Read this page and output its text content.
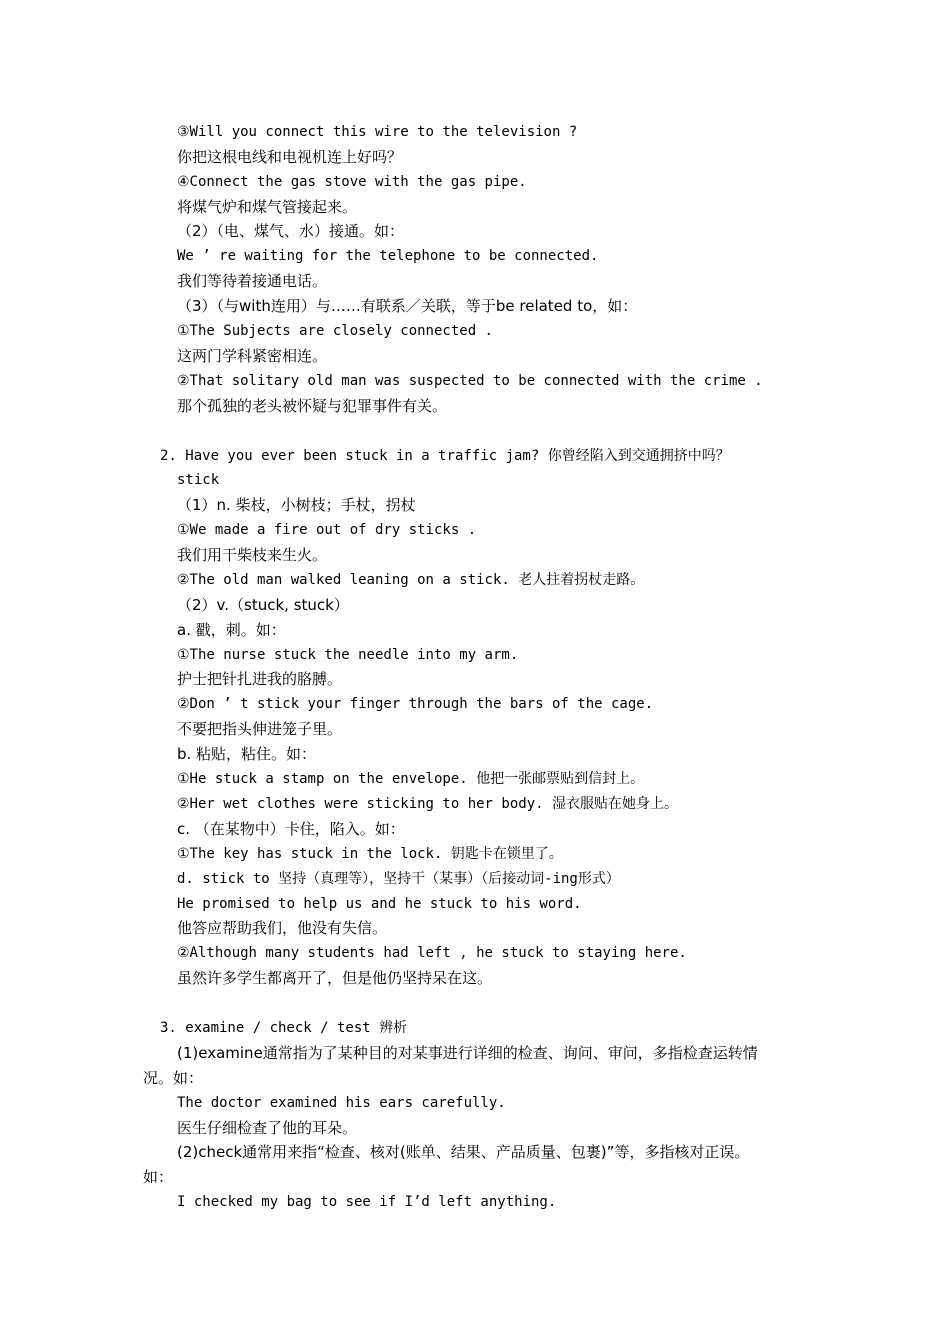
③Will you connect this wire to the television ?
你把这根电线和电视机连上好吗？
④Connect the gas stove with the gas pipe.
将煤气炉和煤气管接起来。
（2）（电、煤气、水）接通。如：
We ’ re waiting for the telephone to be connected.
我们等待着接通电话。
（3）（与with连用）与……有联系／关联，等于be related to，如：
①The Subjects are closely connected .
这两门学科紧密相连。
②That solitary old man was suspected to be connected with the crime .
那个孤独的老头被怀疑与犯罪事件有关。
2. Have you ever been stuck in a traffic jam? 你曾经陷入到交通拥挤中吗？
stick
（1）n. 柴枝，小树枝；手杖，拐杖
①We made a fire out of dry sticks .
我们用干柴枝来生火。
②The old man walked leaning on a stick. 老人拄着拐杖走路。
（2）v.（stuck, stuck）
a. 戳，刺。如：
①The nurse stuck the needle into my arm.
护士把针扎进我的胳膊。
②Don ’ t stick your finger through the bars of the cage.
不要把指头伸进笼子里。
b. 粘贴，粘住。如：
①He stuck a stamp on the envelope. 他把一张邮票贴到信封上。
②Her wet clothes were sticking to her body. 湿衣服贴在她身上。
c. （在某物中）卡住，陷入。如：
①The key has stuck in the lock. 钥匙卡在锁里了。
d. stick to 坚持（真理等），坚持干（某事）（后接动词-ing形式）
He promised to help us and he stuck to his word.
他答应帮助我们，他没有失信。
②Although many students had left , he stuck to staying here.
虽然许多学生都离开了，但是他仍坚持呆在这。
3. examine / check / test 辨析
(1)examine通常指为了某种目的对某事进行详细的检查、询问、审问，多指检查运转情
况。如：
The doctor examined his ears carefully.
医生仔细检查了他的耳朵。
(2)check通常用来指“检查、核对(账单、结果、产品质量、包裹)”等，多指核对正误。
如：
I checked my bag to see if I’d left anything.
